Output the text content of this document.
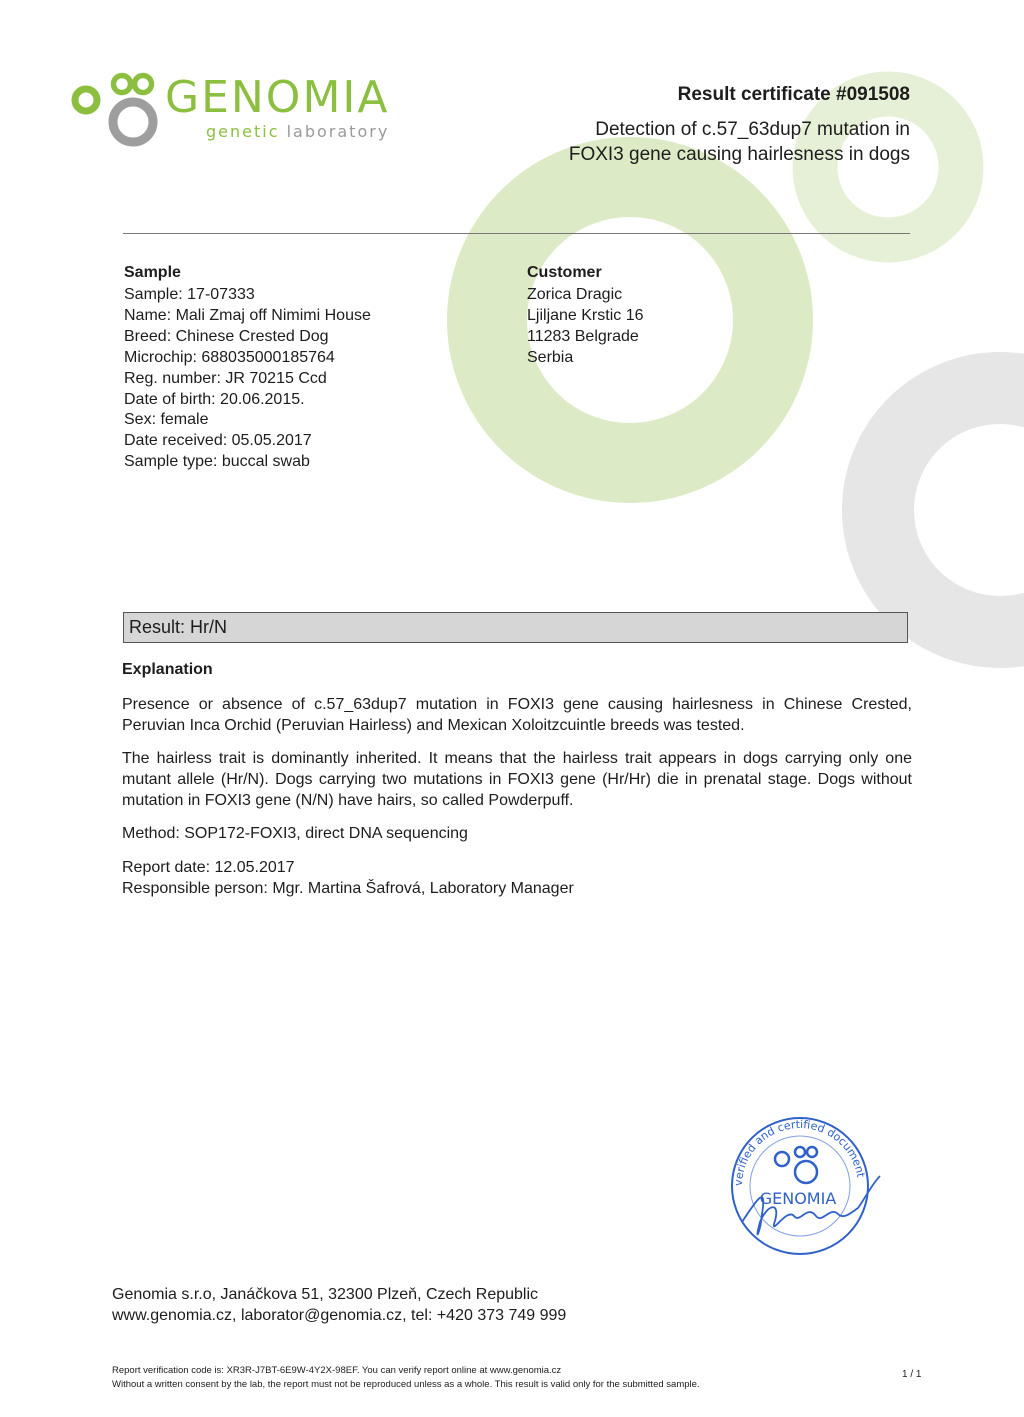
GENOMIA
genetic laboratory
Result certificate #091508
Detection of c.57_63dup7 mutation in
FOXI3 gene causing hairlesness in dogs
Sample
Sample: 17-07333
Name: Mali Zmaj off Nimimi House
Breed: Chinese Crested Dog
Microchip: 688035000185764
Reg. number: JR 70215 Ccd
Date of birth: 20.06.2015.
Sex: female
Date received: 05.05.2017
Sample type: buccal swab
Customer
Zorica Dragic
Ljiljane Krstic 16
11283 Belgrade
Serbia
Result: Hr/N
Explanation
Presence or absence of c.57_63dup7 mutation in FOXI3 gene causing hairlesness in Chinese Crested, Peruvian Inca Orchid (Peruvian Hairless) and Mexican Xoloitzcuintle breeds was tested.
The hairless trait is dominantly inherited. It means that the hairless trait appears in dogs carrying only one mutant allele (Hr/N). Dogs carrying two mutations in FOXI3 gene (Hr/Hr) die in prenatal stage. Dogs without mutation in FOXI3 gene (N/N) have hairs, so called Powderpuff.
Method: SOP172-FOXI3, direct DNA sequencing
Report date: 12.05.2017
Responsible person: Mgr. Martina Šafrová, Laboratory Manager
verified and certified document
GENOMIA
Genomia s.r.o, Janáčkova 51, 32300 Plzeň, Czech Republic
www.genomia.cz, laborator@genomia.cz, tel: +420 373 749 999
Report verification code is: XR3R-J7BT-6E9W-4Y2X-98EF. You can verify report online at www.genomia.cz
Without a written consent by the lab, the report must not be reproduced unless as a whole. This result is valid only for the submitted sample.
1 / 1
